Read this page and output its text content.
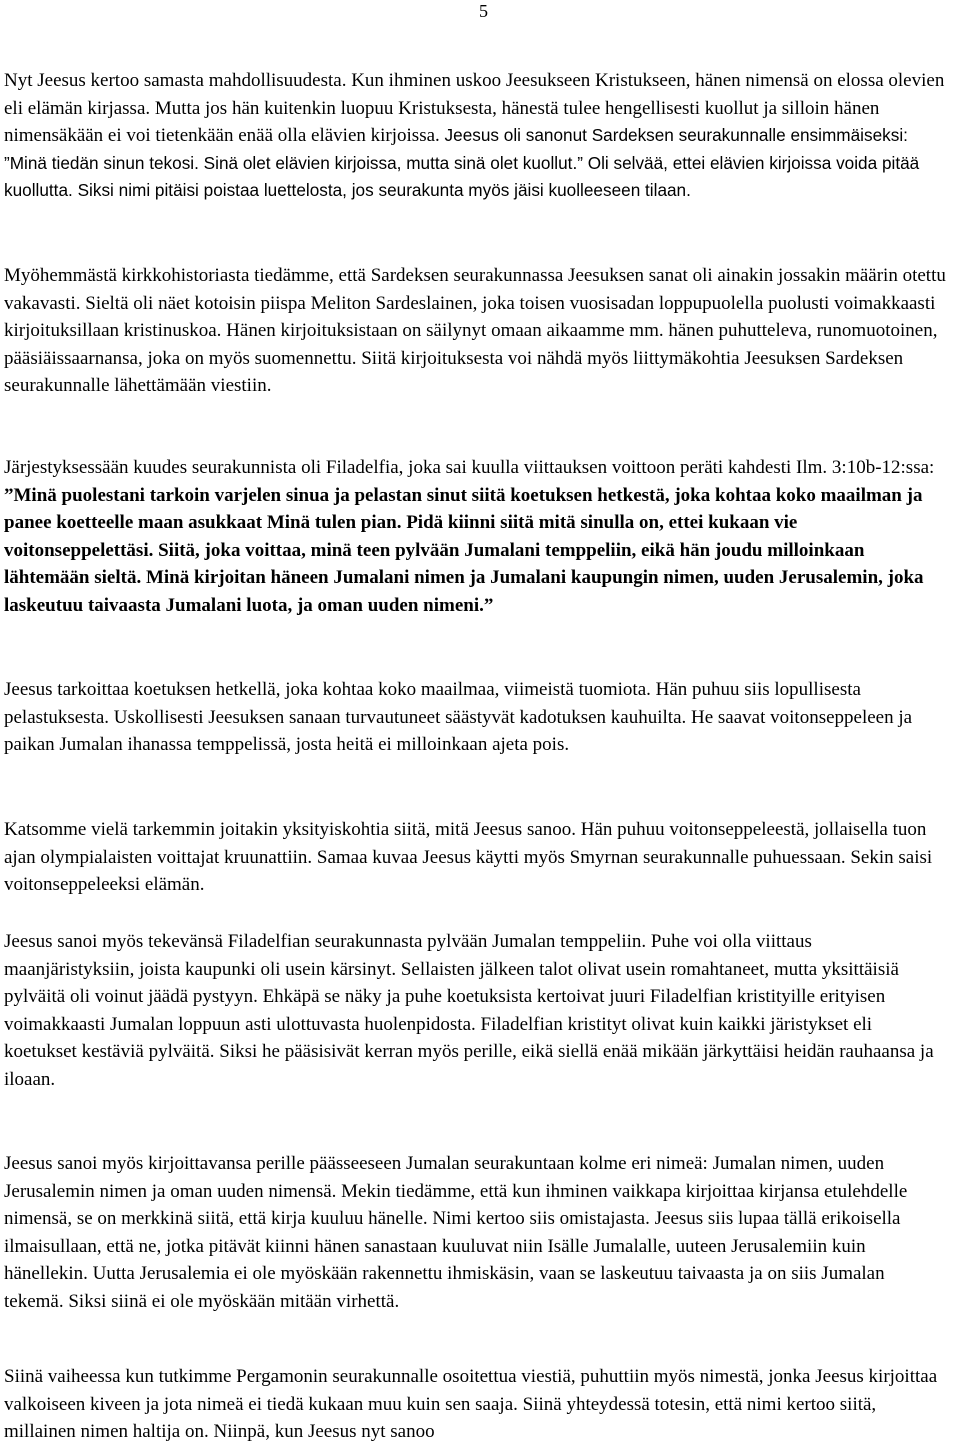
5

Nyt Jeesus kertoo samasta mahdollisuudesta. Kun ihminen uskoo Jeesukseen Kristukseen, hänen nimensä on elossa olevien eli elämän kirjassa. Mutta jos hän kuitenkin luopuu Kristuksesta, hänestä tulee hengellisesti kuollut ja silloin hänen nimensäkään ei voi tietenkään enää olla elävien kirjoissa. Jeesus oli sanonut Sardeksen seurakunnalle ensimmäiseksi: ”Minä tiedän sinun tekosi. Sinä olet elävien kirjoissa, mutta sinä olet kuollut.” Oli selvää, ettei elävien kirjoissa voida pitää kuollutta. Siksi nimi pitäisi poistaa luettelosta, jos seurakunta myös jäisi kuolleeseen tilaan.

Myöhemmästä kirkkohistoriasta tiedämme, että Sardeksen seurakunnassa Jeesuksen sanat oli ainakin jossakin määrin otettu vakavasti. Sieltä oli näet kotoisin piispa Meliton Sardeslainen, joka toisen vuosisadan loppupuolella puolusti voimakkaasti kirjoituksillaan kristinuskoa. Hänen kirjoituksistaan on säilynyt omaan aikaamme mm. hänen puhutteleva, runomuotoinen, pääsiäissaarnansa, joka on myös suomennettu. Siitä kirjoituksesta voi nähdä myös liittymäkohtia Jeesuksen Sardeksen seurakunnalle lähettämään viestiin.

Järjestyksessään kuudes seurakunnista oli Filadelfia, joka sai kuulla viittauksen voittoon peräti kahdesti Ilm. 3:10b-12:ssa: ”Minä puolestani tarkoin varjelen sinua ja pelastan sinut siitä koetuksen hetkestä, joka kohtaa koko maailman ja panee koetteelle maan asukkaat Minä tulen pian. Pidä kiinni siitä mitä sinulla on, ettei kukaan vie voitonseppelettäsi. Siitä, joka voittaa, minä teen pylvään Jumalani temppeliin, eikä hän joudu milloinkaan lähtemään sieltä. Minä kirjoitan häneen Jumalani nimen ja Jumalani kaupungin nimen, uuden Jerusalemin, joka laskeutuu taivaasta Jumalani luota, ja oman uuden nimeni.”

Jeesus tarkoittaa koetuksen hetkellä, joka kohtaa koko maailmaa, viimeistä tuomiota. Hän puhuu siis lopullisesta pelastuksesta. Uskollisesti Jeesuksen sanaan turvautuneet säästyvät kadotuksen kauhuilta. He saavat voitonseppeleen ja paikan Jumalan ihanassa temppelissä, josta heitä ei milloinkaan ajeta pois.

Katsomme vielä tarkemmin joitakin yksityiskohtia siitä, mitä Jeesus sanoo. Hän puhuu voitonseppeleestä, jollaisella tuon ajan olympialaisten voittajat kruunattiin. Samaa kuvaa Jeesus käytti myös Smyrnan seurakunnalle puhuessaan. Sekin saisi voitonseppeleeksi elämän.

Jeesus sanoi myös tekevänsä Filadelfian seurakunnasta pylvään Jumalan temppeliin. Puhe voi olla viittaus maanjäristyksiin, joista kaupunki oli usein kärsinyt. Sellaisten jälkeen talot olivat usein romahtaneet, mutta yksittäisiä pylväitä oli voinut jäädä pystyyn. Ehkäpä se näky ja puhe koetuksista kertoivat juuri Filadelfian kristityille erityisen voimakkaasti Jumalan loppuun asti ulottuvasta huolenpidosta. Filadelfian kristityt olivat kuin kaikki järistykset eli koetukset kestäviä pylväitä. Siksi he pääsisivät kerran myös perille, eikä siellä enää mikään järkyttäisi heidän rauhaansa ja iloaan.

Jeesus sanoi myös kirjoittavansa perille päässeeseen Jumalan seurakuntaan kolme eri nimeä: Jumalan nimen, uuden Jerusalemin nimen ja oman uuden nimensä. Mekin tiedämme, että kun ihminen vaikkapa kirjoittaa kirjansa etulehdelle nimensä, se on merkkinä siitä, että kirja kuuluu hänelle. Nimi kertoo siis omistajasta. Jeesus siis lupaa tällä erikoisella ilmaisullaan, että ne, jotka pitävät kiinni hänen sanastaan kuuluvat niin Isälle Jumalalle, uuteen Jerusalemiin kuin hänellekin. Uutta Jerusalemia ei ole myöskään rakennettu ihmiskäsin, vaan se laskeutuu taivaasta ja on siis Jumalan tekemä. Siksi siinä ei ole myöskään mitään virhettä.

Siinä vaiheessa kun tutkimme Pergamonin seurakunnalle osoitettua viestiä, puhuttiin myös nimestä, jonka Jeesus kirjoittaa valkoiseen kiveen ja jota nimeä ei tiedä kukaan muu kuin sen saaja. Siinä yhteydessä totesin, että nimi kertoo siitä, millainen nimen haltija on. Niinpä, kun Jeesus nyt sanoo
